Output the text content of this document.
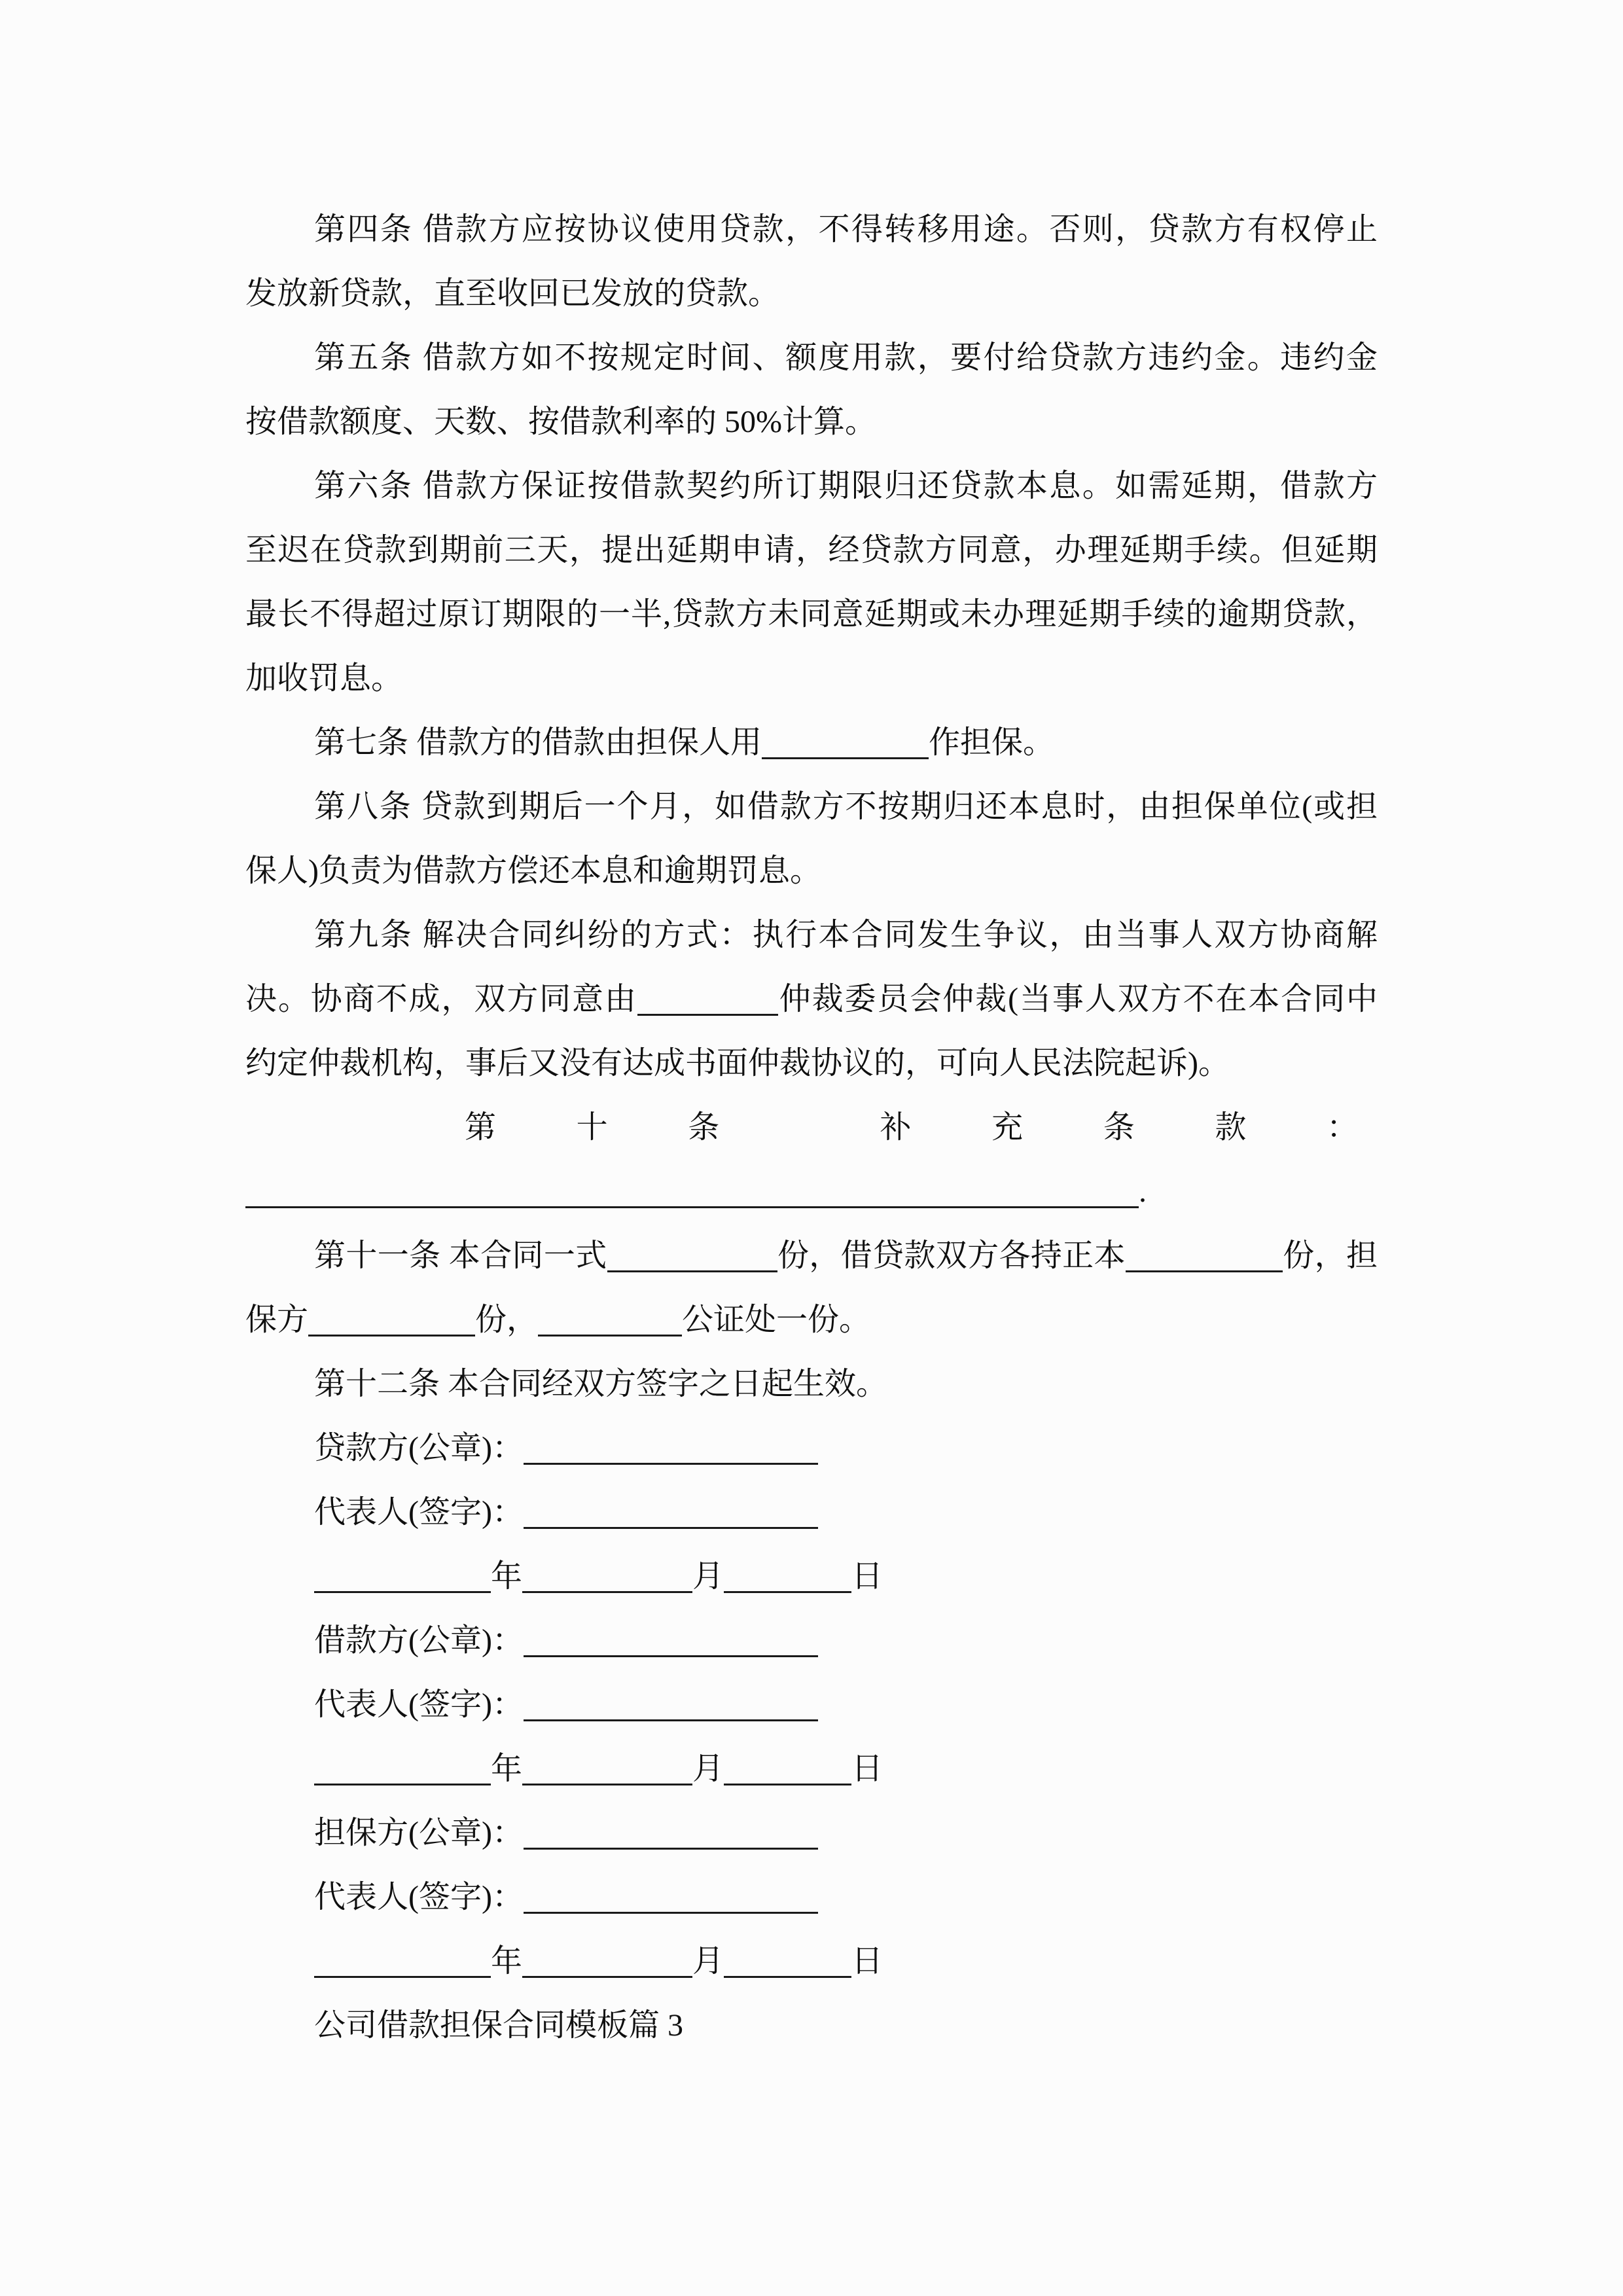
第四条 借款方应按协议使用贷款，不得转移用途。否则，贷款方有权停止
发放新贷款，直至收回已发放的贷款。
第五条 借款方如不按规定时间、额度用款，要付给贷款方违约金。违约金
按借款额度、天数、按借款利率的 50%计算。
第六条 借款方保证按借款契约所订期限归还贷款本息。如需延期，借款方
至迟在贷款到期前三天，提出延期申请，经贷款方同意，办理延期手续。但延期
最长不得超过原订期限的一半,贷款方未同意延期或未办理延期手续的逾期贷款，
加收罚息。
第七条 借款方的借款由担保人用	作担保。
第八条 贷款到期后一个月，如借款方不按期归还本息时，由担保单位(或担
保人)负责为借款方偿还本息和逾期罚息。
第九条 解决合同纠纷的方式：执行本合同发生争议，由当事人双方协商解
决。协商不成，双方同意由	仲裁委员会仲裁(当事人双方不在本合同中
约定仲裁机构，事后又没有达成书面仲裁协议的，可向人民法院起诉)。
第	十	条	补	充	条	款	：
.
第十一条 本合同一式	份，借贷款双方各持正本	份，担
保方	份，	公证处一份。
第十二条 本合同经双方签字之日起生效。
贷款方(公章)：
代表人(签字)：
年	月	日
借款方(公章)：
代表人(签字)：
年	月	日
担保方(公章)：
代表人(签字)：
年	月	日
公司借款担保合同模板篇 3
